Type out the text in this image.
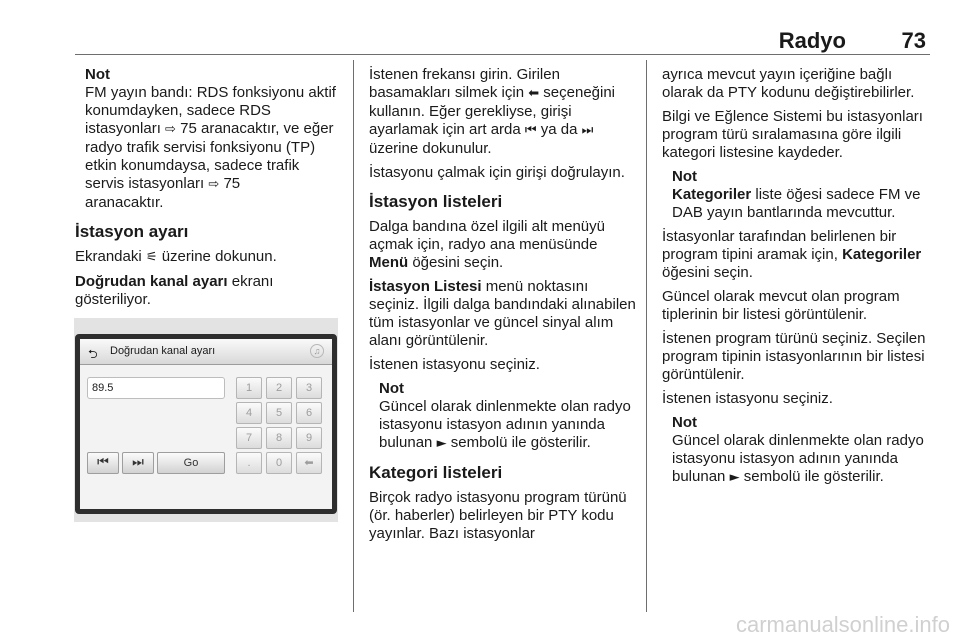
Radyo	73
Not
FM yayın bandı: RDS fonksiyonu aktif konumdayken, sadece RDS istasyonları ⇨ 75 aranacaktır, ve eğer radyo trafik servisi fonksiyonu (TP) etkin konumdaysa, sadece trafik servis istasyonları ⇨ 75
aranacaktır.
İstasyon ayarı

Ekrandaki ⚟ üzerine dokunun.

Doğrudan kanal ayarı ekranı gösteriliyor.

⮌ Doğrudan kanal ayarı	♫
89.5	1	2	3
4	5	6
7	8	9
.	0	⬅
⏮	⏭	Go

İstenen frekansı girin. Girilen basamakları silmek için ⬅ seçeneğini kullanın. Eğer gerekliyse, girişi ayarlamak için art arda ⏮ ya da ⏭ üzerine dokunulur.

İstasyonu çalmak için girişi doğrulayın.

İstasyon listeleri

Dalga bandına özel ilgili alt menüyü açmak için, radyo ana menüsünde Menü öğesini seçin.

İstasyon Listesi menü noktasını seçiniz. İlgili dalga bandındaki alınabilen tüm istasyonlar ve güncel sinyal alım alanı görüntülenir.

İstenen istasyonu seçiniz.

Not
Güncel olarak dinlenmekte olan radyo istasyonu istasyon adının yanında bulunan ► sembolü ile gösterilir.
Kategori listeleri

Birçok radyo istasyonu program türünü (ör. haberler) belirleyen bir PTY kodu yayınlar. Bazı istasyonlar

ayrıca mevcut yayın içeriğine bağlı olarak da PTY kodunu değiştirebilirler.

Bilgi ve Eğlence Sistemi bu istasyonları program türü sıralamasına göre ilgili kategori listesine kaydeder.

Not
Kategoriler liste öğesi sadece FM ve DAB yayın bantlarında mevcuttur.

İstasyonlar tarafından belirlenen bir program tipini aramak için, Kategoriler öğesini seçin.

Güncel olarak mevcut olan program tiplerinin bir listesi görüntülenir.

İstenen program türünü seçiniz. Seçilen program tipinin istasyonlarının bir listesi görüntülenir.

İstenen istasyonu seçiniz.

Not
Güncel olarak dinlenmekte olan radyo istasyonu istasyon adının yanında bulunan ► sembolü ile gösterilir.
carmanualsonline.info
